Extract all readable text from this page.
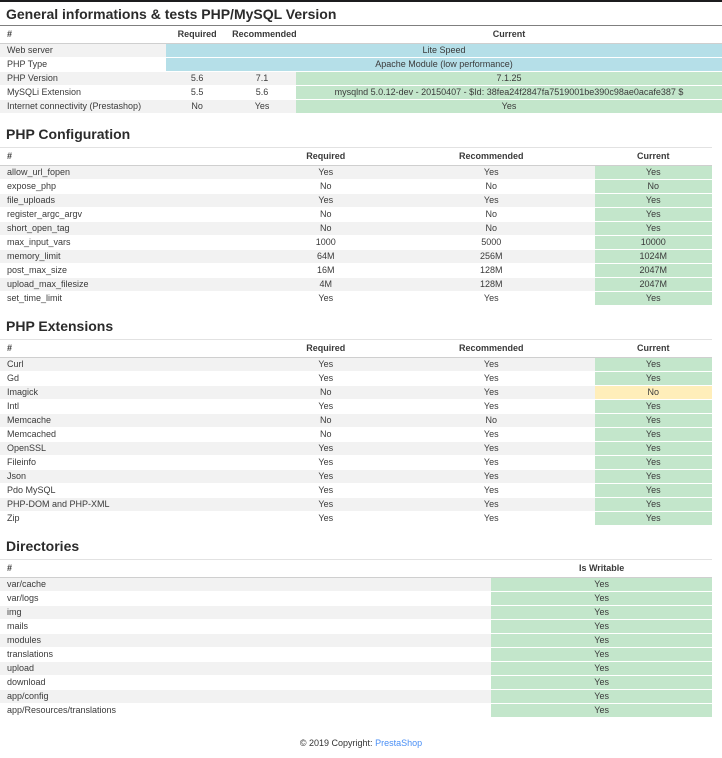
General informations & tests PHP/MySQL Version
#	Required	Recommended	Current
Web server	Lite Speed		
PHP Type	Apache Module (low performance)		
PHP Version	5.6	7.1	7.1.25
MySQLi Extension	5.5	5.6	mysqlnd 5.0.12-dev - 20150407 - $Id: 38fea24f2847fa7519001be390c98ae0acafe387 $
Internet connectivity (Prestashop)	No	Yes	Yes
PHP Configuration
#	Required	Recommended	Current
allow_url_fopen	Yes	Yes	Yes
expose_php	No	No	No
file_uploads	Yes	Yes	Yes
register_argc_argv	No	No	Yes
short_open_tag	No	No	Yes
max_input_vars	1000	5000	10000
memory_limit	64M	256M	1024M
post_max_size	16M	128M	2047M
upload_max_filesize	4M	128M	2047M
set_time_limit	Yes	Yes	Yes
PHP Extensions
#	Required	Recommended	Current
Curl	Yes	Yes	Yes
Gd	Yes	Yes	Yes
Imagick	No	Yes	No
Intl	Yes	Yes	Yes
Memcache	No	No	Yes
Memcached	No	Yes	Yes
OpenSSL	Yes	Yes	Yes
Fileinfo	Yes	Yes	Yes
Json	Yes	Yes	Yes
Pdo MySQL	Yes	Yes	Yes
PHP-DOM and PHP-XML	Yes	Yes	Yes
Zip	Yes	Yes	Yes
Directories
#	Is Writable
var/cache	Yes
var/logs	Yes
img	Yes
mails	Yes
modules	Yes
translations	Yes
upload	Yes
download	Yes
app/config	Yes
app/Resources/translations	Yes
© 2019 Copyright: PrestaShop
